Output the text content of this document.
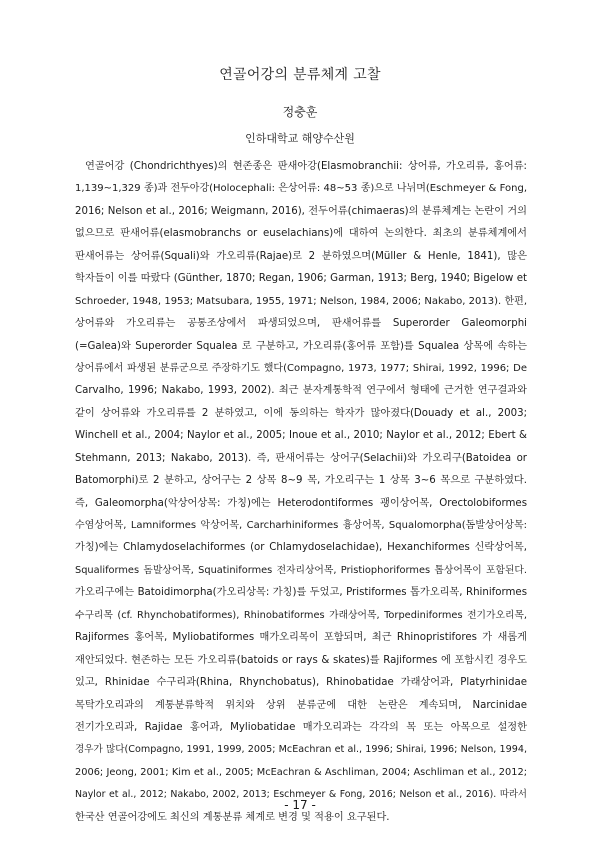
연골어강의 분류체계 고찰
정충훈
인하대학교 해양수산원
연골어강 (Chondrichthyes)의 현존종은 판새아강(Elasmobranchii: 상어류, 가오리류, 홍어류:
1,139~1,329 종)과 전두아강(Holocephali: 은상어류: 48~53 종)으로 나뉘며(Eschmeyer & Fong,
2016; Nelson et al., 2016; Weigmann, 2016), 전두어류(chimaeras)의 분류체계는 논란이 거의
없으므로 판새어류(elasmobranchs or euselachians)에 대하여 논의한다. 최초의 분류체계에서
판새어류는 상어류(Squali)와 가오리류(Rajae)로 2 분하였으며(Müller & Henle, 1841), 많은
학자들이 이를 따랐다 (Günther, 1870; Regan, 1906; Garman, 1913; Berg, 1940; Bigelow et
Schroeder, 1948, 1953; Matsubara, 1955, 1971; Nelson, 1984, 2006; Nakabo, 2013). 한편,
상어류와 가오리류는 공통조상에서 파생되었으며, 판새어류를 Superorder Galeomorphi
(=Galea)와 Superorder Squalea 로 구분하고, 가오리류(홍어류 포함)를 Squalea 상목에 속하는
상어류에서 파생된 분류군으로 주장하기도 했다(Compagno, 1973, 1977; Shirai, 1992, 1996; De
Carvalho, 1996; Nakabo, 1993, 2002). 최근 분자계통학적 연구에서 형태에 근거한 연구결과와
같이 상어류와 가오리류를 2 분하였고, 이에 동의하는 학자가 많아졌다(Douady et al., 2003;
Winchell et al., 2004; Naylor et al., 2005; Inoue et al., 2010; Naylor et al., 2012; Ebert &
Stehmann, 2013; Nakabo, 2013). 즉, 판새어류는 상어구(Selachii)와 가오리구(Batoidea or
Batomorphi)로 2 분하고, 상어구는 2 상목 8~9 목, 가오리구는 1 상목 3~6 목으로 구분하였다.
즉, Galeomorpha(악상어상목: 가칭)에는 Heterodontiformes 괭이상어목, Orectolobiformes
수염상어목, Lamniformes 악상어목, Carcharhiniformes 흉상어목, Squalomorpha(돔발상어상목:
가칭)에는 Chlamydoselachiformes (or Chlamydoselachidae), Hexanchiformes 신락상어목,
Squaliformes 돔발상어목, Squatiniformes 전자리상어목, Pristiophoriformes 톱상어목이 포함된다.
가오리구에는 Batoidimorpha(가오리상목: 가칭)를 두었고, Pristiformes 톱가오리목, Rhiniformes
수구리목 (cf. Rhynchobatiformes), Rhinobatiformes 가래상어목, Torpediniformes 전기가오리목,
Rajiformes 홍어목, Myliobatiformes 매가오리목이 포함되며, 최근 Rhinopristifores 가 새롭게
재안되었다. 현존하는 모든 가오리류(batoids or rays & skates)를 Rajiformes 에 포함시킨 경우도
있고, Rhinidae 수구리과(Rhina, Rhynchobatus), Rhinobatidae 가래상어과, Platyrhinidae
목탁가오리과의 계통분류학적 위치와 상위 분류군에 대한 논란은 계속되며, Narcinidae
전기가오리과, Rajidae 홍어과, Myliobatidae 매가오리과는 각각의 목 또는 아목으로 설정한
경우가 많다(Compagno, 1991, 1999, 2005; McEachran et al., 1996; Shirai, 1996; Nelson, 1994,
2006; Jeong, 2001; Kim et al., 2005; McEachran & Aschliman, 2004; Aschliman et al., 2012;
Naylor et al., 2012; Nakabo, 2002, 2013; Eschmeyer & Fong, 2016; Nelson et al., 2016). 따라서
한국산 연골어강에도 최신의 계통분류 체계로 변경 및 적용이 요구된다.
- 17 -
